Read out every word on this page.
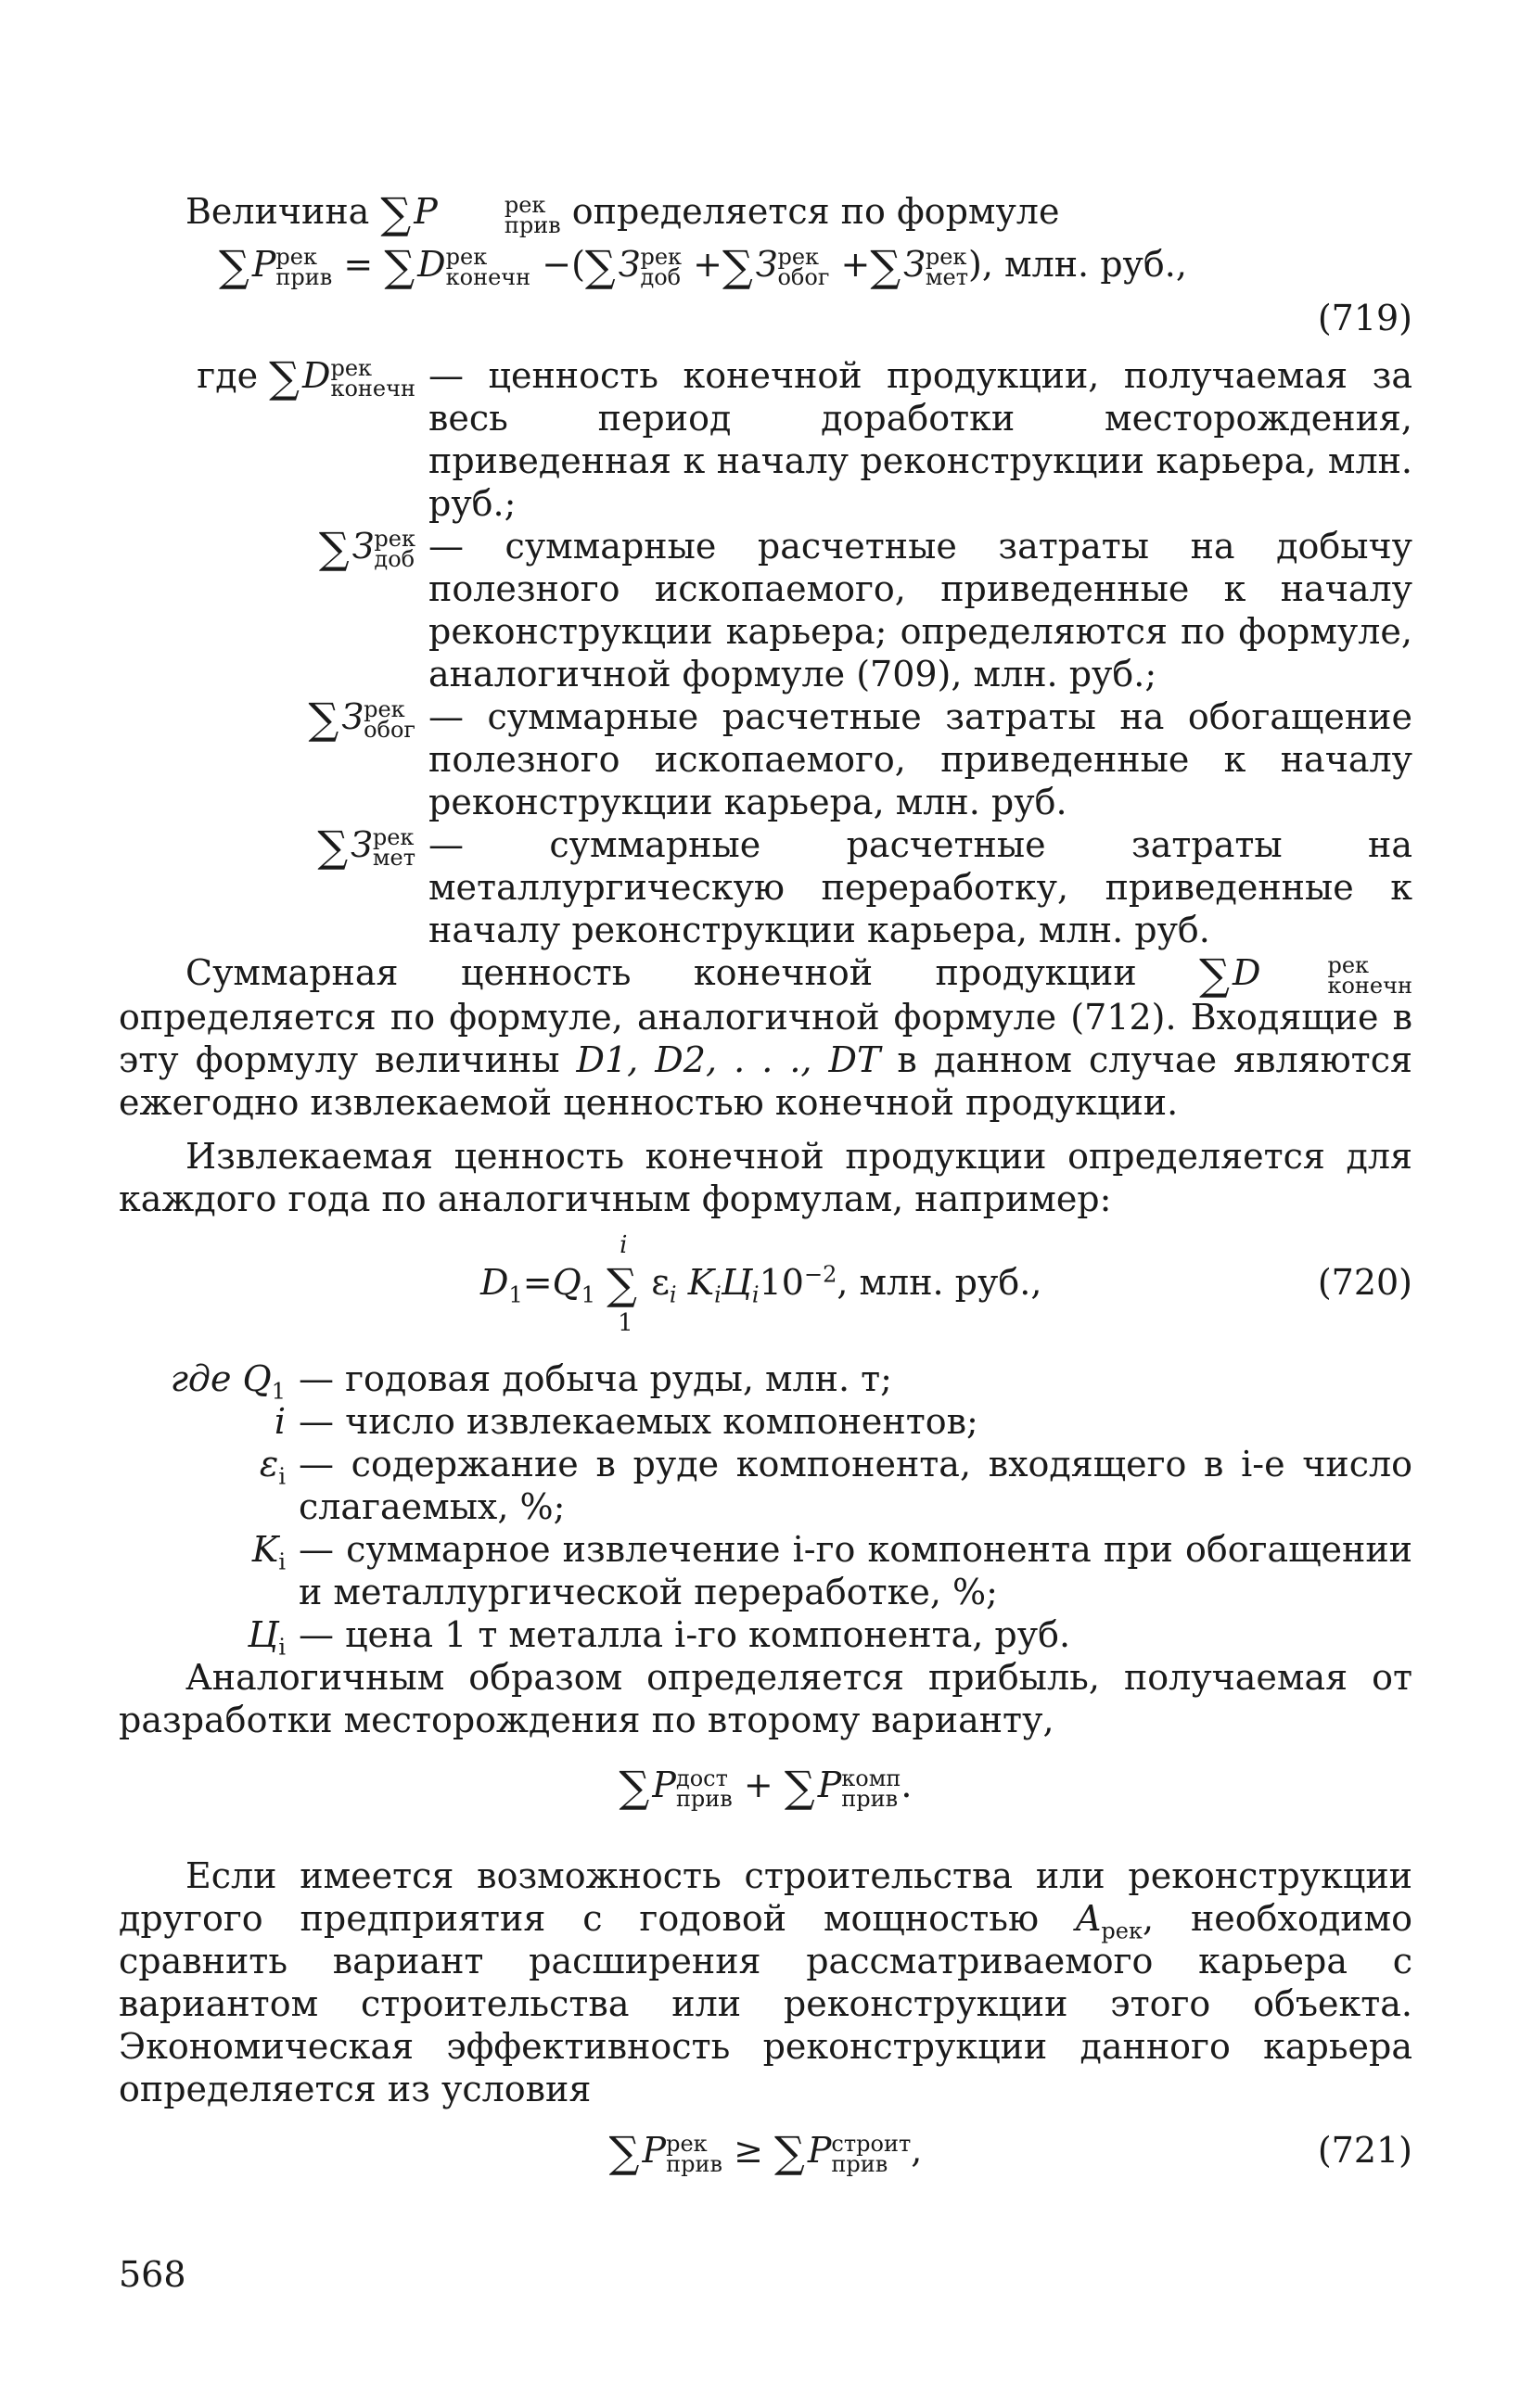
Величина ∑P	рек
прив определяется по формуле

∑P рек
прив = ∑D рек
конечн −(∑З рек
доб +∑З рек
обог +∑З рек
мет ), млн. руб.,
(719)
где ∑D рек
конечн — ценность конечной продукции, получаемая за весь период доработки месторождения, приведенная к началу реконструкции карьера, млн. руб.;
∑З рек
доб — суммарные расчетные затраты на добычу полезного ископаемого, приведенные к началу реконструкции карьера; определяются по формуле, аналогичной формуле (709), млн. руб.;
∑З рек
обог — суммарные расчетные затраты на обогащение полезного ископаемого, приведенные к началу реконструкции карьера, млн. руб.
∑З рек
мет — суммарные расчетные затраты на металлургическую переработку, приведенные к началу реконструкции карьера, млн. руб.

Суммарная ценность конечной продукции ∑D	рек
конечн
определяется по формуле, аналогичной формуле (712). Входящие в эту формулу величины D1, D2, . . ., DT в данном случае являются ежегодно извлекаемой ценностью конечной продукции.

Извлекаемая ценность конечной продукции определяется для каждого года по аналогичным формулам, например:

$D_1=Q_1$ ∑
i
1
$\varepsilon_i$ $K_iЦ_i10^{-2}$, млн. руб.,	(720)
где $Q_1$ — годовая добыча руды, млн. т;
i — число извлекаемых компонентов;
$\varepsilon_i$ — содержание в руде компонента, входящего в i-е число слагаемых, %;
$K_i$ — суммарное извлечение i-го компонента при обогащении и металлургической переработке, %;
$Ц_i$ — цена 1 т металла i-го компонента, руб.

Аналогичным образом определяется прибыль, получаемая от разработки месторождения по второму варианту,

∑P дост
прив + ∑P комп
прив .

Если имеется возможность строительства или реконструкции другого предприятия с годовой мощностью $A_{рек}$, необходимо сравнить вариант расширения рассматриваемого карьера с вариантом строительства или реконструкции этого объекта. Экономическая эффективность реконструкции данного карьера определяется из условия

∑P рек
прив ≥ ∑P строит
прив ,	(721)
568
